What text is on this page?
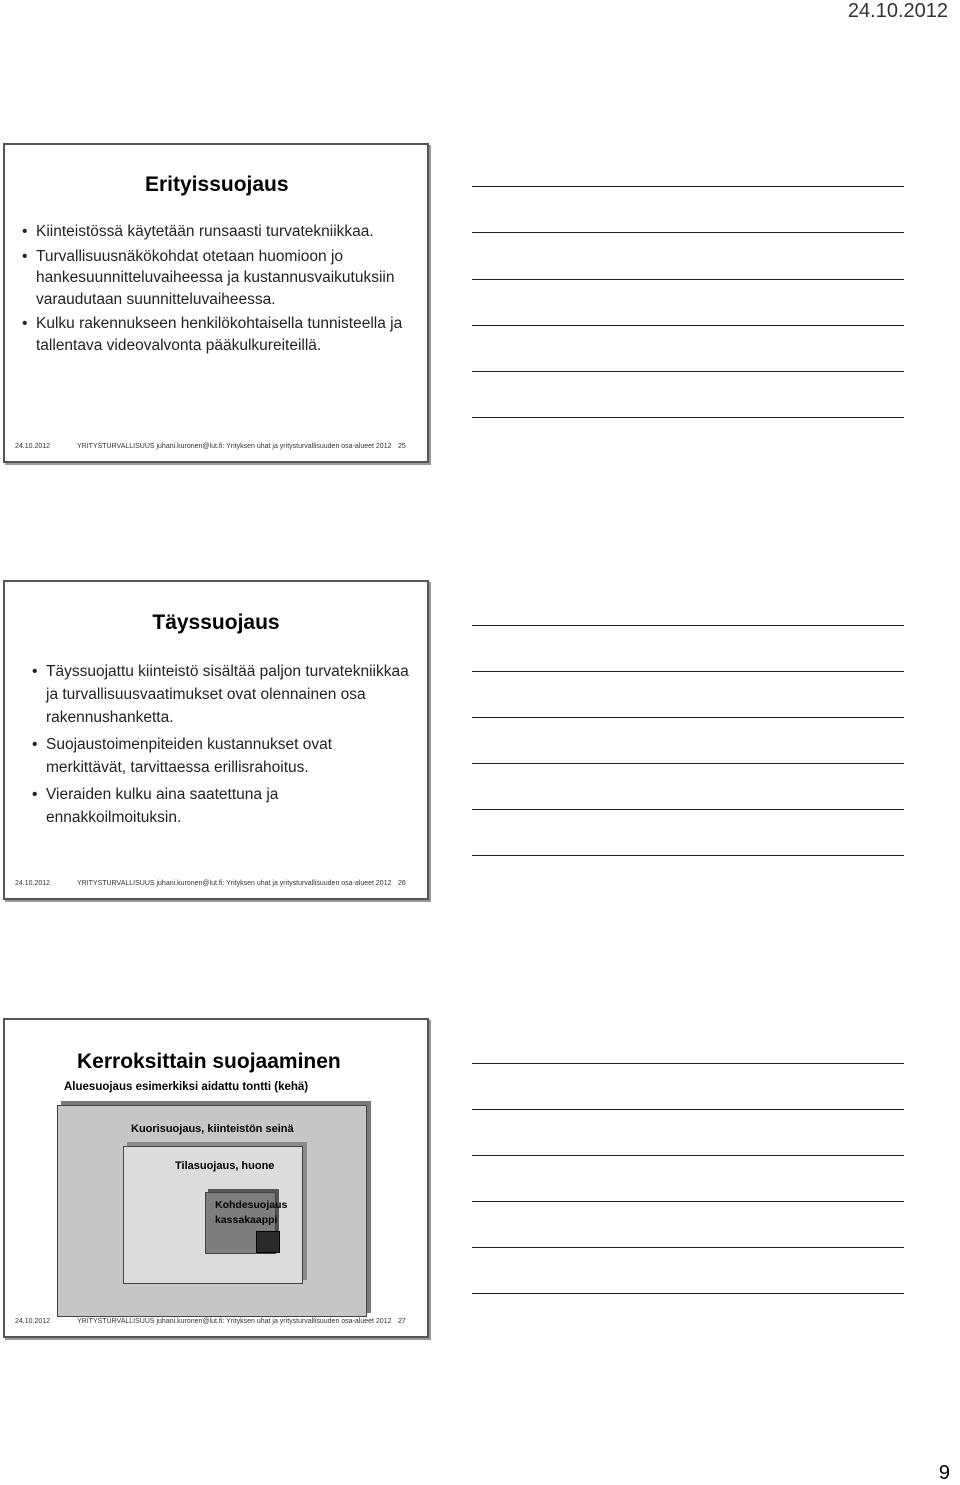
24.10.2012
Erityissuojaus
• Kiinteistössä käytetään runsaasti turvatekniikkaa.
• Turvallisuusnäkökohdat otetaan huomioon jo hankesuunnitteluvaiheessa ja kustannusvaikutuksiin varaudutaan suunnitteluvaiheessa.
• Kulku rakennukseen henkilökohtaisella tunnisteella ja tallentava videovalvonta pääkulkureiteillä.
24.10.2012	YRITYSTURVALLISUUS juhani.kuronen@lut.fi: Yrityksen uhat ja yritysturvallisuuden osa-alueet 2012 25
Täyssuojaus
• Täyssuojattu kiinteistö sisältää paljon turvatekniikkaa ja turvallisuusvaatimukset ovat olennainen osa rakennushanketta.
• Suojaustoimenpiteiden kustannukset ovat merkittävät, tarvittaessa erillisrahoitus.
• Vieraiden kulku aina saatettuna ja ennakkoilmoituksin.
24.10.2012	YRITYSTURVALLISUUS juhani.kuronen@lut.fi: Yrityksen uhat ja yritysturvallisuuden osa-alueet 2012 26
Kerroksittain suojaaminen
Aluesuojaus esimerkiksi aidattu tontti (kehä)
Kuorisuojaus, kiinteistön seinä
Tilasuojaus, huone
Kohdesuojaus
kassakaappi
24.10.2012	YRITYSTURVALLISUUS juhani.kuronen@lut.fi: Yrityksen uhat ja yritysturvallisuuden osa-alueet 2012 27
9
